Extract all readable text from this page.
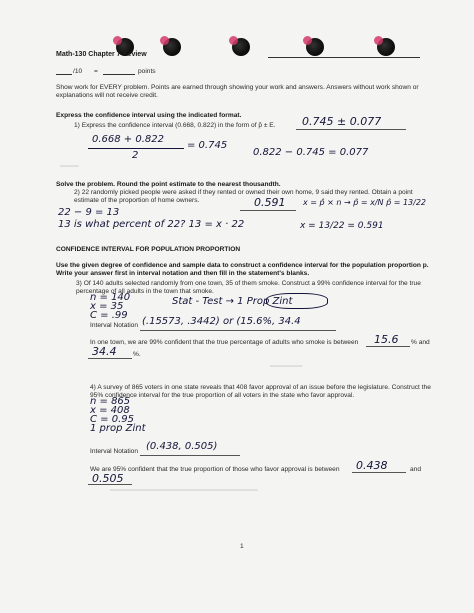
Math-130 Chapter 7 Review
/10 =	points
Show work for EVERY problem. Points are earned through showing your work and answers. Answers without work shown or explanations will not receive credit.
Express the confidence interval using the indicated format.
1) Express the confidence interval (0.668, 0.822) in the form of p̂ ± E. 0.745 ± 0.077
0.668 + 0.822
2
= 0.745
0.822 − 0.745 = 0.077
▔▔▔▔
Solve the problem. Round the point estimate to the nearest thousandth.
2) 22 randomly picked people were asked if they rented or owned their own home, 9 said they rented. Obtain a point estimate of the proportion of home owners.	0.591 x = p̂ × n → p̂ = x/N p̂ = 13/22
22 − 9 = 13
13 is what percent of 22? 13 = x · 22	x = 13/22 = 0.591
CONFIDENCE INTERVAL FOR POPULATION PROPORTION
Use the given degree of confidence and sample data to construct a confidence interval for the population proportion p. Write your answer first in interval notation and then fill in the statement's blanks.
3) Of 140 adults selected randomly from one town, 35 of them smoke. Construct a 99% confidence interval for the true percentage of all adults in the town that smoke.
n = 140
x = 35
C = .99
Stat - Test → 1 Prop Zint
Interval Notation (.15573, .3442) or (15.6%, 34.4
In one town, we are 99% confident that the true percentage of adults who smoke is between 15.6 % and
34.4	%.
▔▔▔▔▔▔▔
4) A survey of 865 voters in one state reveals that 408 favor approval of an issue before the legislature. Construct the 95% confidence interval for the true proportion of all voters in the state who favor approval.
n = 865
x = 408
C = 0.95
1 prop Zint
Interval Notation (0.438, 0.505)
We are 95% confident that the true proportion of those who favor approval is between 0.438	and
0.505
▔▔▔▔▔▔▔▔▔▔▔▔▔▔▔▔▔▔▔▔▔▔▔▔▔▔▔▔▔▔▔▔
1
